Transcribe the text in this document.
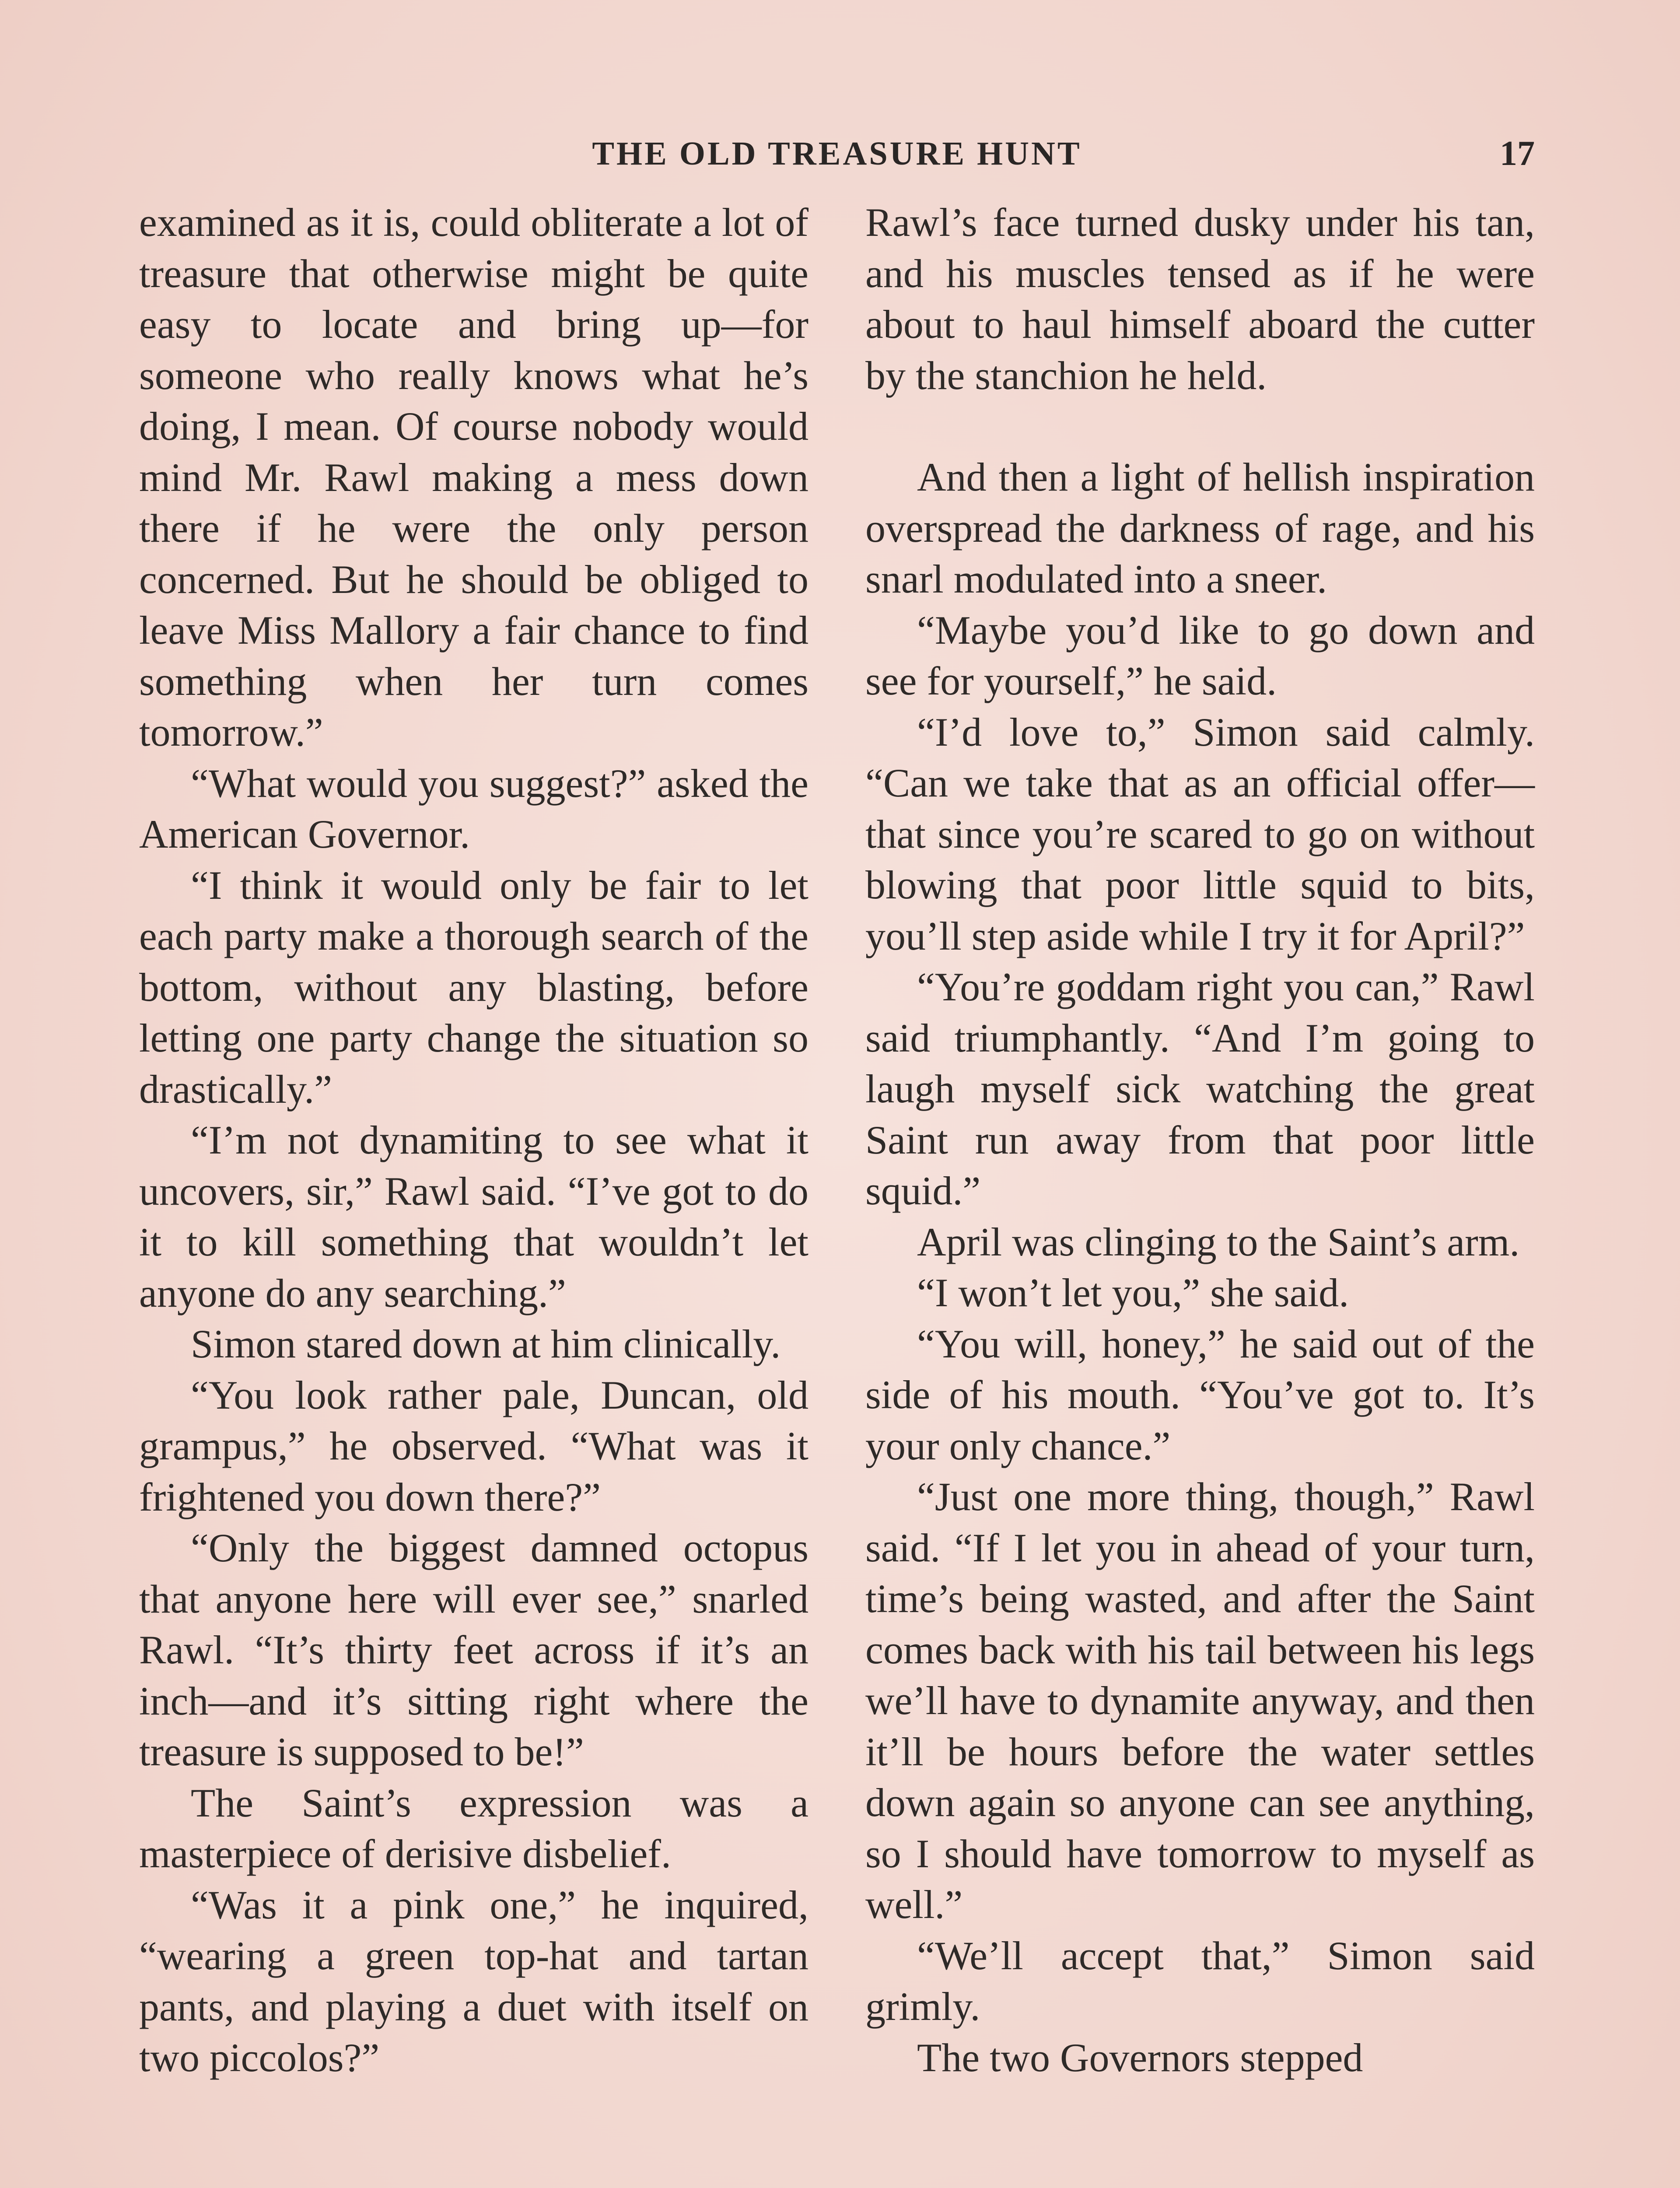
THE OLD TREASURE HUNT	17

examined as it is, could obliterate a lot of treasure that otherwise might be quite easy to locate and bring up—for someone who really knows what he’s doing, I mean. Of course nobody would mind Mr. Rawl making a mess down there if he were the only person concerned. But he should be obliged to leave Miss Mallory a fair chance to find something when her turn comes tomorrow.”

“What would you suggest?” asked the American Governor.

“I think it would only be fair to let each party make a thorough search of the bottom, without any blasting, before letting one party change the situation so drastically.”

“I’m not dynamiting to see what it uncovers, sir,” Rawl said. “I’ve got to do it to kill something that wouldn’t let anyone do any searching.”

Simon stared down at him clinically.

“You look rather pale, Duncan, old grampus,” he observed. “What was it frightened you down there?”

“Only the biggest damned octopus that anyone here will ever see,” snarled Rawl. “It’s thirty feet across if it’s an inch—and it’s sitting right where the treasure is supposed to be!”

The Saint’s expression was a masterpiece of derisive disbelief.

“Was it a pink one,” he inquired, “wearing a green top-hat and tartan pants, and playing a duet with itself on two piccolos?”

Rawl’s face turned dusky under his tan, and his muscles tensed as if he were about to haul himself aboard the cutter by the stanchion he held.

And then a light of hellish inspiration overspread the darkness of rage, and his snarl modulated into a sneer.

“Maybe you’d like to go down and see for yourself,” he said.

“I’d love to,” Simon said calmly. “Can we take that as an official offer—that since you’re scared to go on without blowing that poor little squid to bits, you’ll step aside while I try it for April?”

“You’re goddam right you can,” Rawl said triumphantly. “And I’m going to laugh myself sick watching the great Saint run away from that poor little squid.”

April was clinging to the Saint’s arm.

“I won’t let you,” she said.

“You will, honey,” he said out of the side of his mouth. “You’ve got to. It’s your only chance.”

“Just one more thing, though,” Rawl said. “If I let you in ahead of your turn, time’s being wasted, and after the Saint comes back with his tail between his legs we’ll have to dynamite anyway, and then it’ll be hours before the water settles down again so anyone can see anything, so I should have tomorrow to myself as well.”

“We’ll accept that,” Simon said grimly.

The two Governors stepped
